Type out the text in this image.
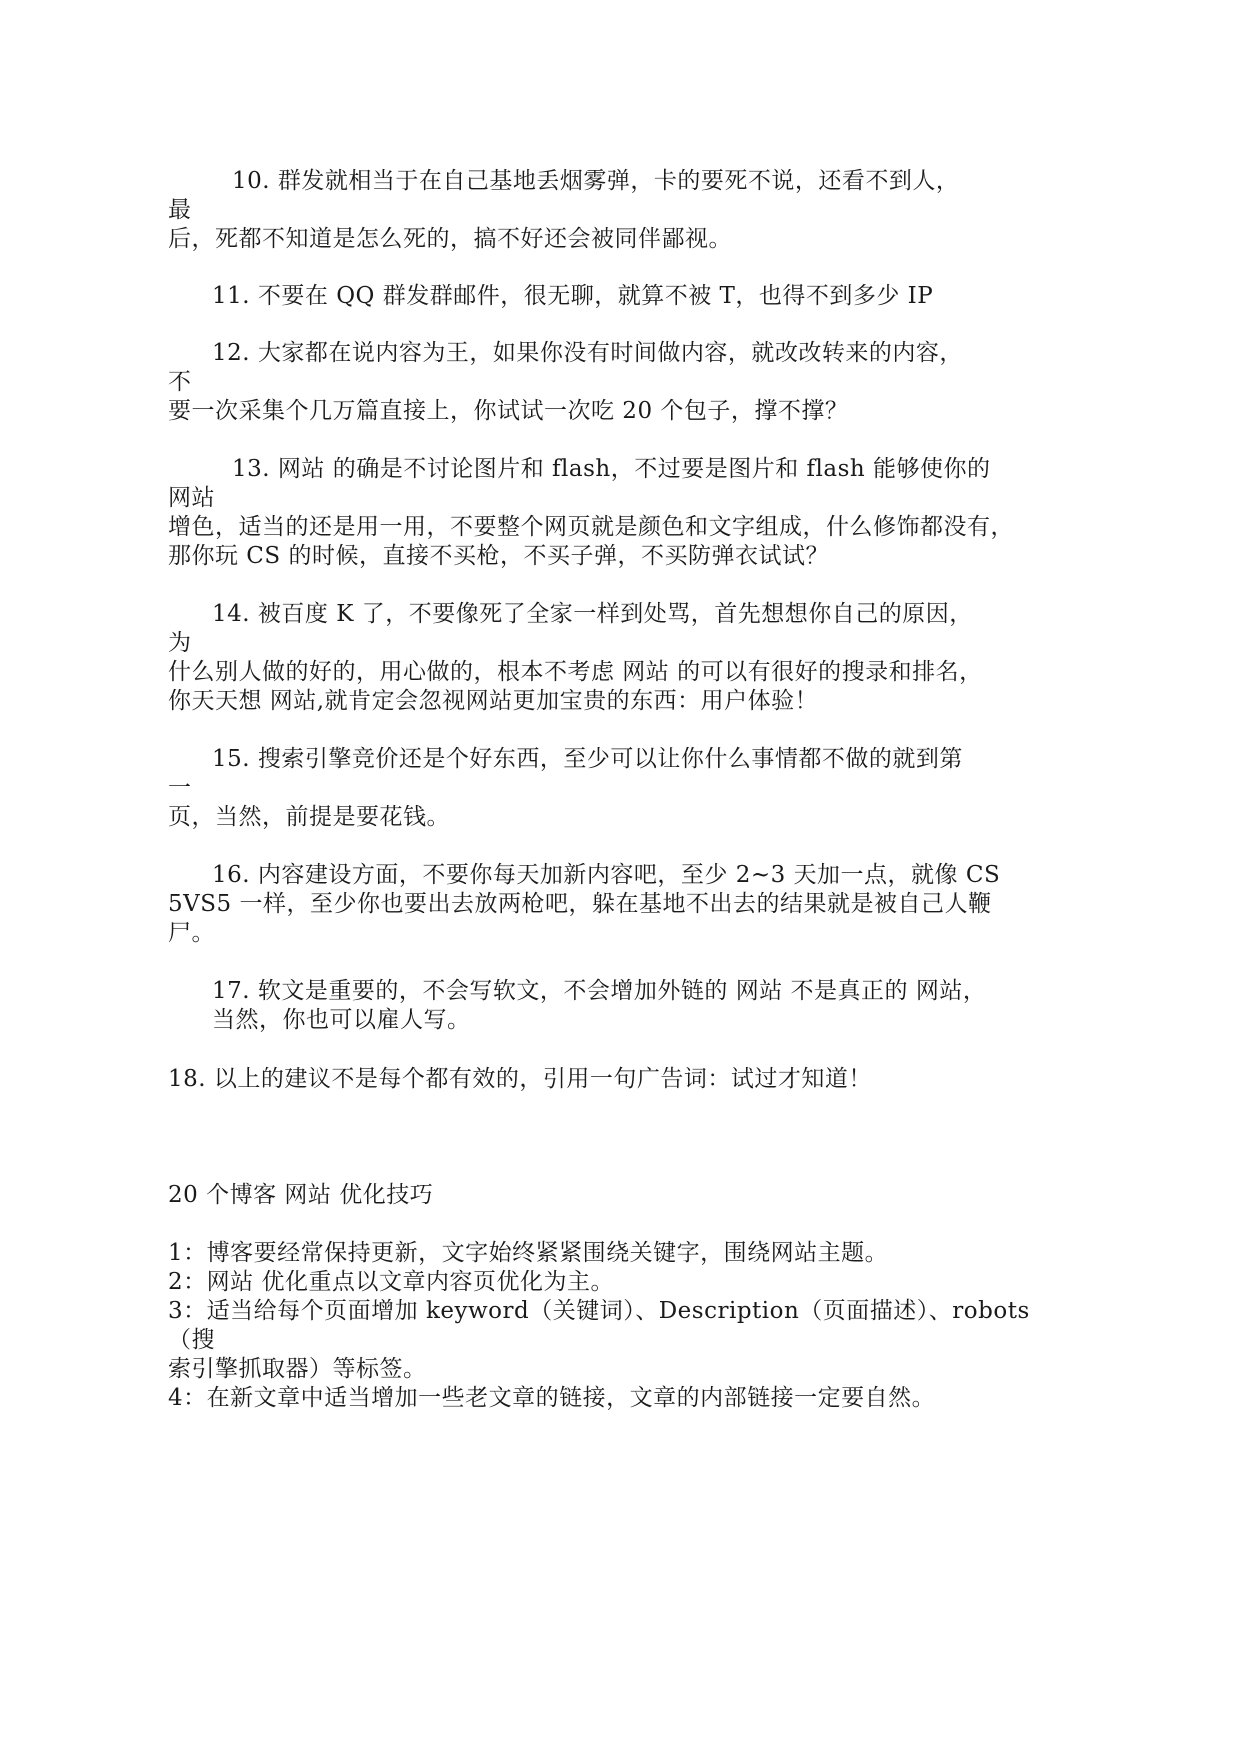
10. 群发就相当于在自己基地丢烟雾弹，卡的要死不说，还看不到人，
最
后，死都不知道是怎么死的，搞不好还会被同伴鄙视。
11. 不要在 QQ 群发群邮件，很无聊，就算不被 T，也得不到多少 IP
12. 大家都在说内容为王，如果你没有时间做内容，就改改转来的内容，
不
要一次采集个几万篇直接上，你试试一次吃 20 个包子，撑不撑？
13. 网站 的确是不讨论图片和 flash，不过要是图片和 flash 能够使你的
网站
增色，适当的还是用一用，不要整个网页就是颜色和文字组成，什么修饰都没有，
那你玩 CS 的时候，直接不买枪，不买子弹，不买防弹衣试试？
14. 被百度 K 了，不要像死了全家一样到处骂，首先想想你自己的原因，
为
什么别人做的好的，用心做的，根本不考虑 网站 的可以有很好的搜录和排名，
你天天想 网站,就肯定会忽视网站更加宝贵的东西：用户体验！
15. 搜索引擎竞价还是个好东西，至少可以让你什么事情都不做的就到第
一
页，当然，前提是要花钱。
16. 内容建设方面，不要你每天加新内容吧，至少 2~3 天加一点，就像 CS
5VS5 一样，至少你也要出去放两枪吧，躲在基地不出去的结果就是被自己人鞭
尸。
17. 软文是重要的，不会写软文，不会增加外链的 网站 不是真正的 网站，
当然，你也可以雇人写。
18. 以上的建议不是每个都有效的，引用一句广告词：试过才知道！
20 个博客 网站 优化技巧
1：博客要经常保持更新，文字始终紧紧围绕关键字，围绕网站主题。
2：网站 优化重点以文章内容页优化为主。
3：适当给每个页面增加 keyword（关键词）、Description（页面描述）、robots
（搜
索引擎抓取器）等标签。
4：在新文章中适当增加一些老文章的链接，文章的内部链接一定要自然。
